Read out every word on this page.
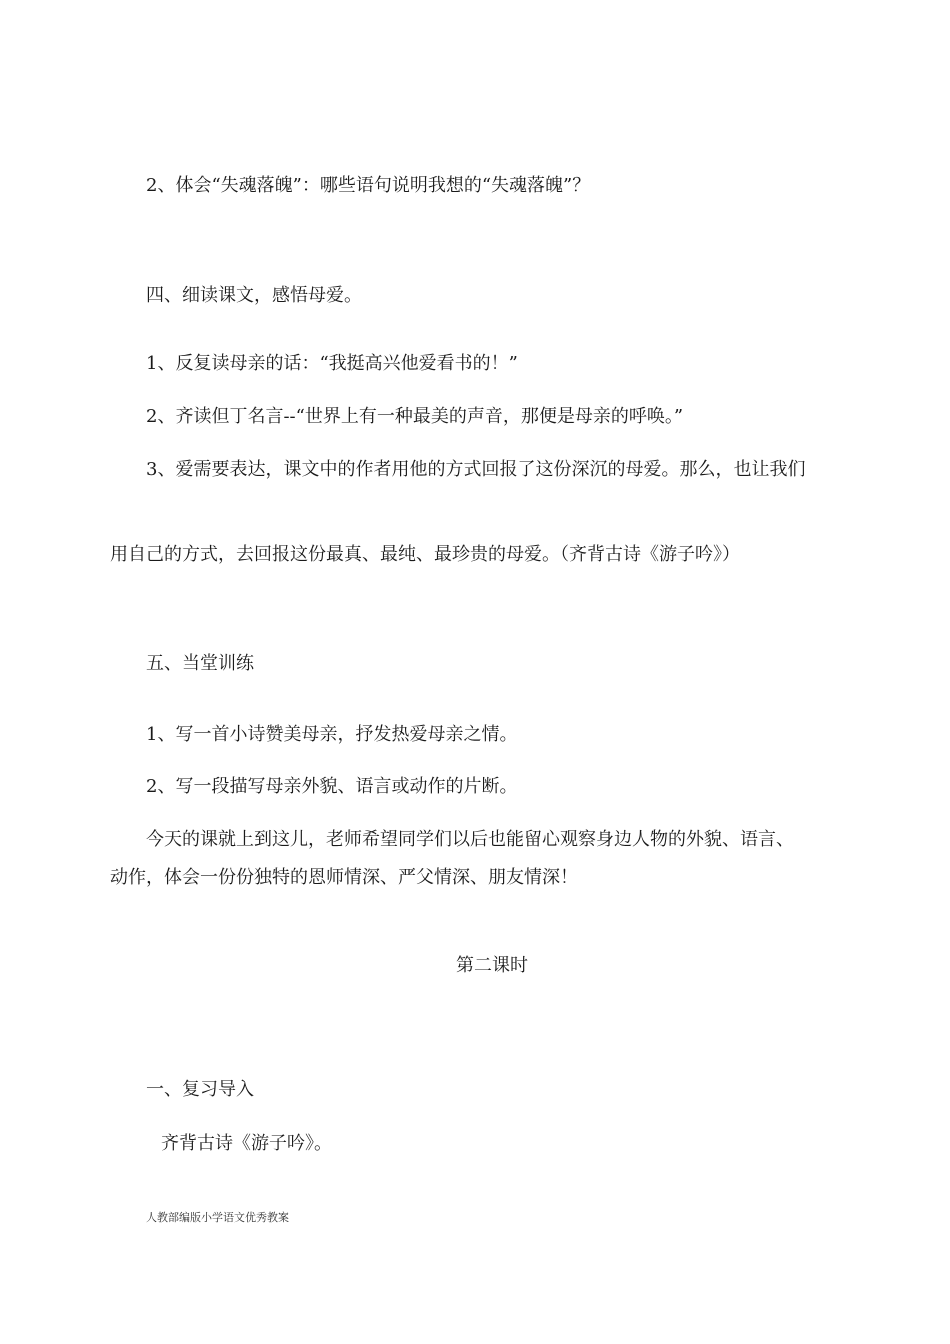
2、体会“失魂落魄”：哪些语句说明我想的“失魂落魄”？
四、细读课文，感悟母爱。
1、反复读母亲的话：“我挺高兴他爱看书的！”
2、齐读但丁名言--“世界上有一种最美的声音，那便是母亲的呼唤。”
3、爱需要表达，课文中的作者用他的方式回报了这份深沉的母爱。那么，也让我们
用自己的方式，去回报这份最真、最纯、最珍贵的母爱。（齐背古诗《游子吟》）
五、当堂训练
1、写一首小诗赞美母亲，抒发热爱母亲之情。
2、写一段描写母亲外貌、语言或动作的片断。
今天的课就上到这儿，老师希望同学们以后也能留心观察身边人物的外貌、语言、
动作，体会一份份独特的恩师情深、严父情深、朋友情深！
第二课时
一、复习导入
齐背古诗《游子吟》。
人教部编版小学语文优秀教案
